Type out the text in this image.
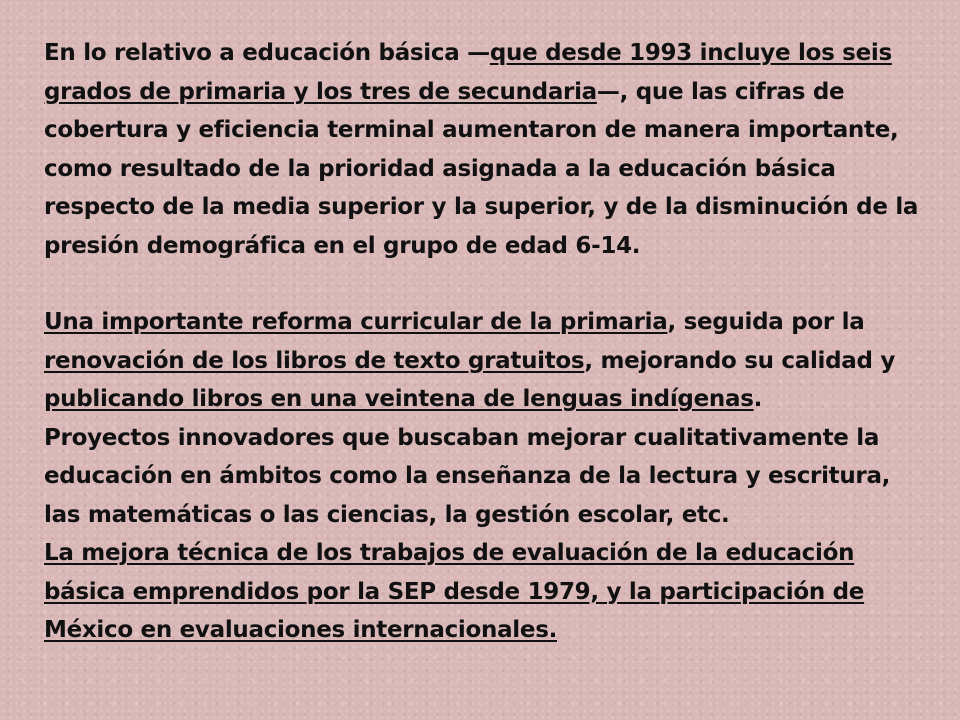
En lo relativo a educación básica —que desde 1993 incluye los seis grados de primaria y los tres de secundaria—, que las cifras de cobertura y eficiencia terminal aumentaron de manera importante, como resultado de la prioridad asignada a la educación básica respecto de la media superior y la superior, y de la disminución de la presión demográfica en el grupo de edad 6-14.

Una importante reforma curricular de la primaria, seguida por la renovación de los libros de texto gratuitos, mejorando su calidad y publicando libros en una veintena de lenguas indígenas.

Proyectos innovadores que buscaban mejorar cualitativamente la educación en ámbitos como la enseñanza de la lectura y escritura, las matemáticas o las ciencias, la gestión escolar, etc.

La mejora técnica de los trabajos de evaluación de la educación básica emprendidos por la SEP desde 1979, y la participación de México en evaluaciones internacionales.
